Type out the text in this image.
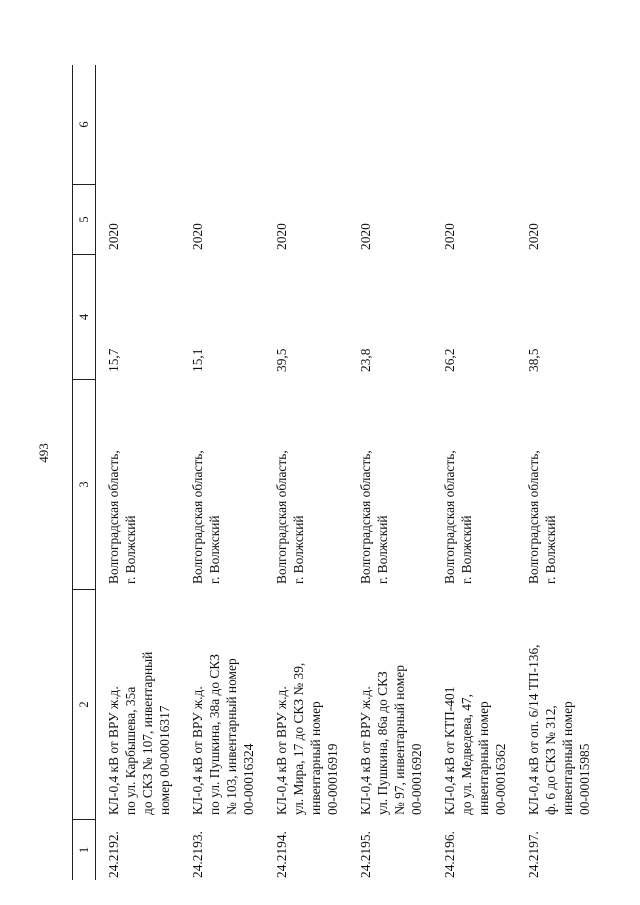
493
1
2
3
4
5
6
24.2192.
КЛ-0,4 кВ от ВРУ ж.д.
по ул. Карбышева, 35а
до СКЗ № 107, инвентарный
номер 00-00016317
Волгоградская область,
г. Волжский
15,7
2020
24.2193.
КЛ-0,4 кВ от ВРУ ж.д.
по ул. Пушкина, 38а до СКЗ
№ 103, инвентарный номер
00-00016324
Волгоградская область,
г. Волжский
15,1
2020
24.2194.
КЛ-0,4 кВ от ВРУ ж.д.
ул. Мира, 17 до СКЗ № 39,
инвентарный номер
00-00016919
Волгоградская область,
г. Волжский
39,5
2020
24.2195.
КЛ-0,4 кВ от ВРУ ж.д.
ул. Пушкина, 86а до СКЗ
№ 97, инвентарный номер
00-00016920
Волгоградская область,
г. Волжский
23,8
2020
24.2196.
КЛ-0,4 кВ от КТП-401
до ул. Медведева, 47,
инвентарный номер
00-00016362
Волгоградская область,
г. Волжский
26,2
2020
24.2197.
КЛ-0,4 кВ от оп. 6/14 ТП-136,
ф. 6 до СКЗ № 312,
инвентарный номер
00-00015985
Волгоградская область,
г. Волжский
38,5
2020
